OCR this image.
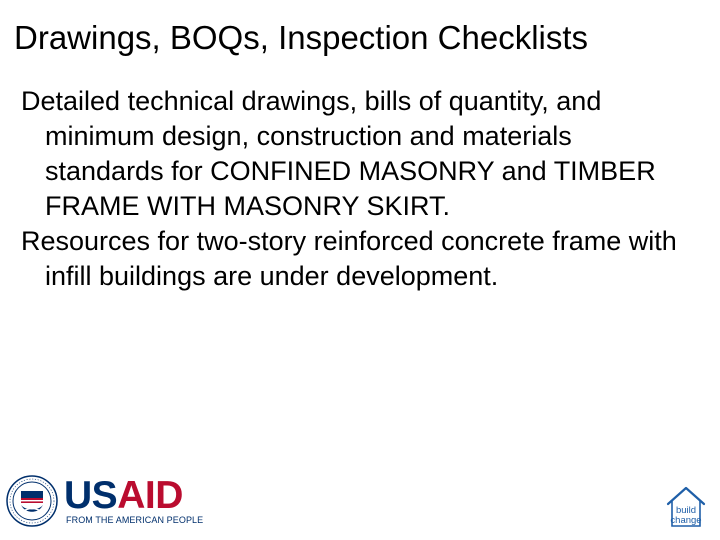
Drawings, BOQs, Inspection Checklists
Detailed technical drawings, bills of quantity, and minimum design, construction and materials standards for CONFINED MASONRY and TIMBER FRAME WITH MASONRY SKIRT.
Resources for two-story reinforced concrete frame with infill buildings are under development.
USAID
FROM THE AMERICAN PEOPLE
build
change
